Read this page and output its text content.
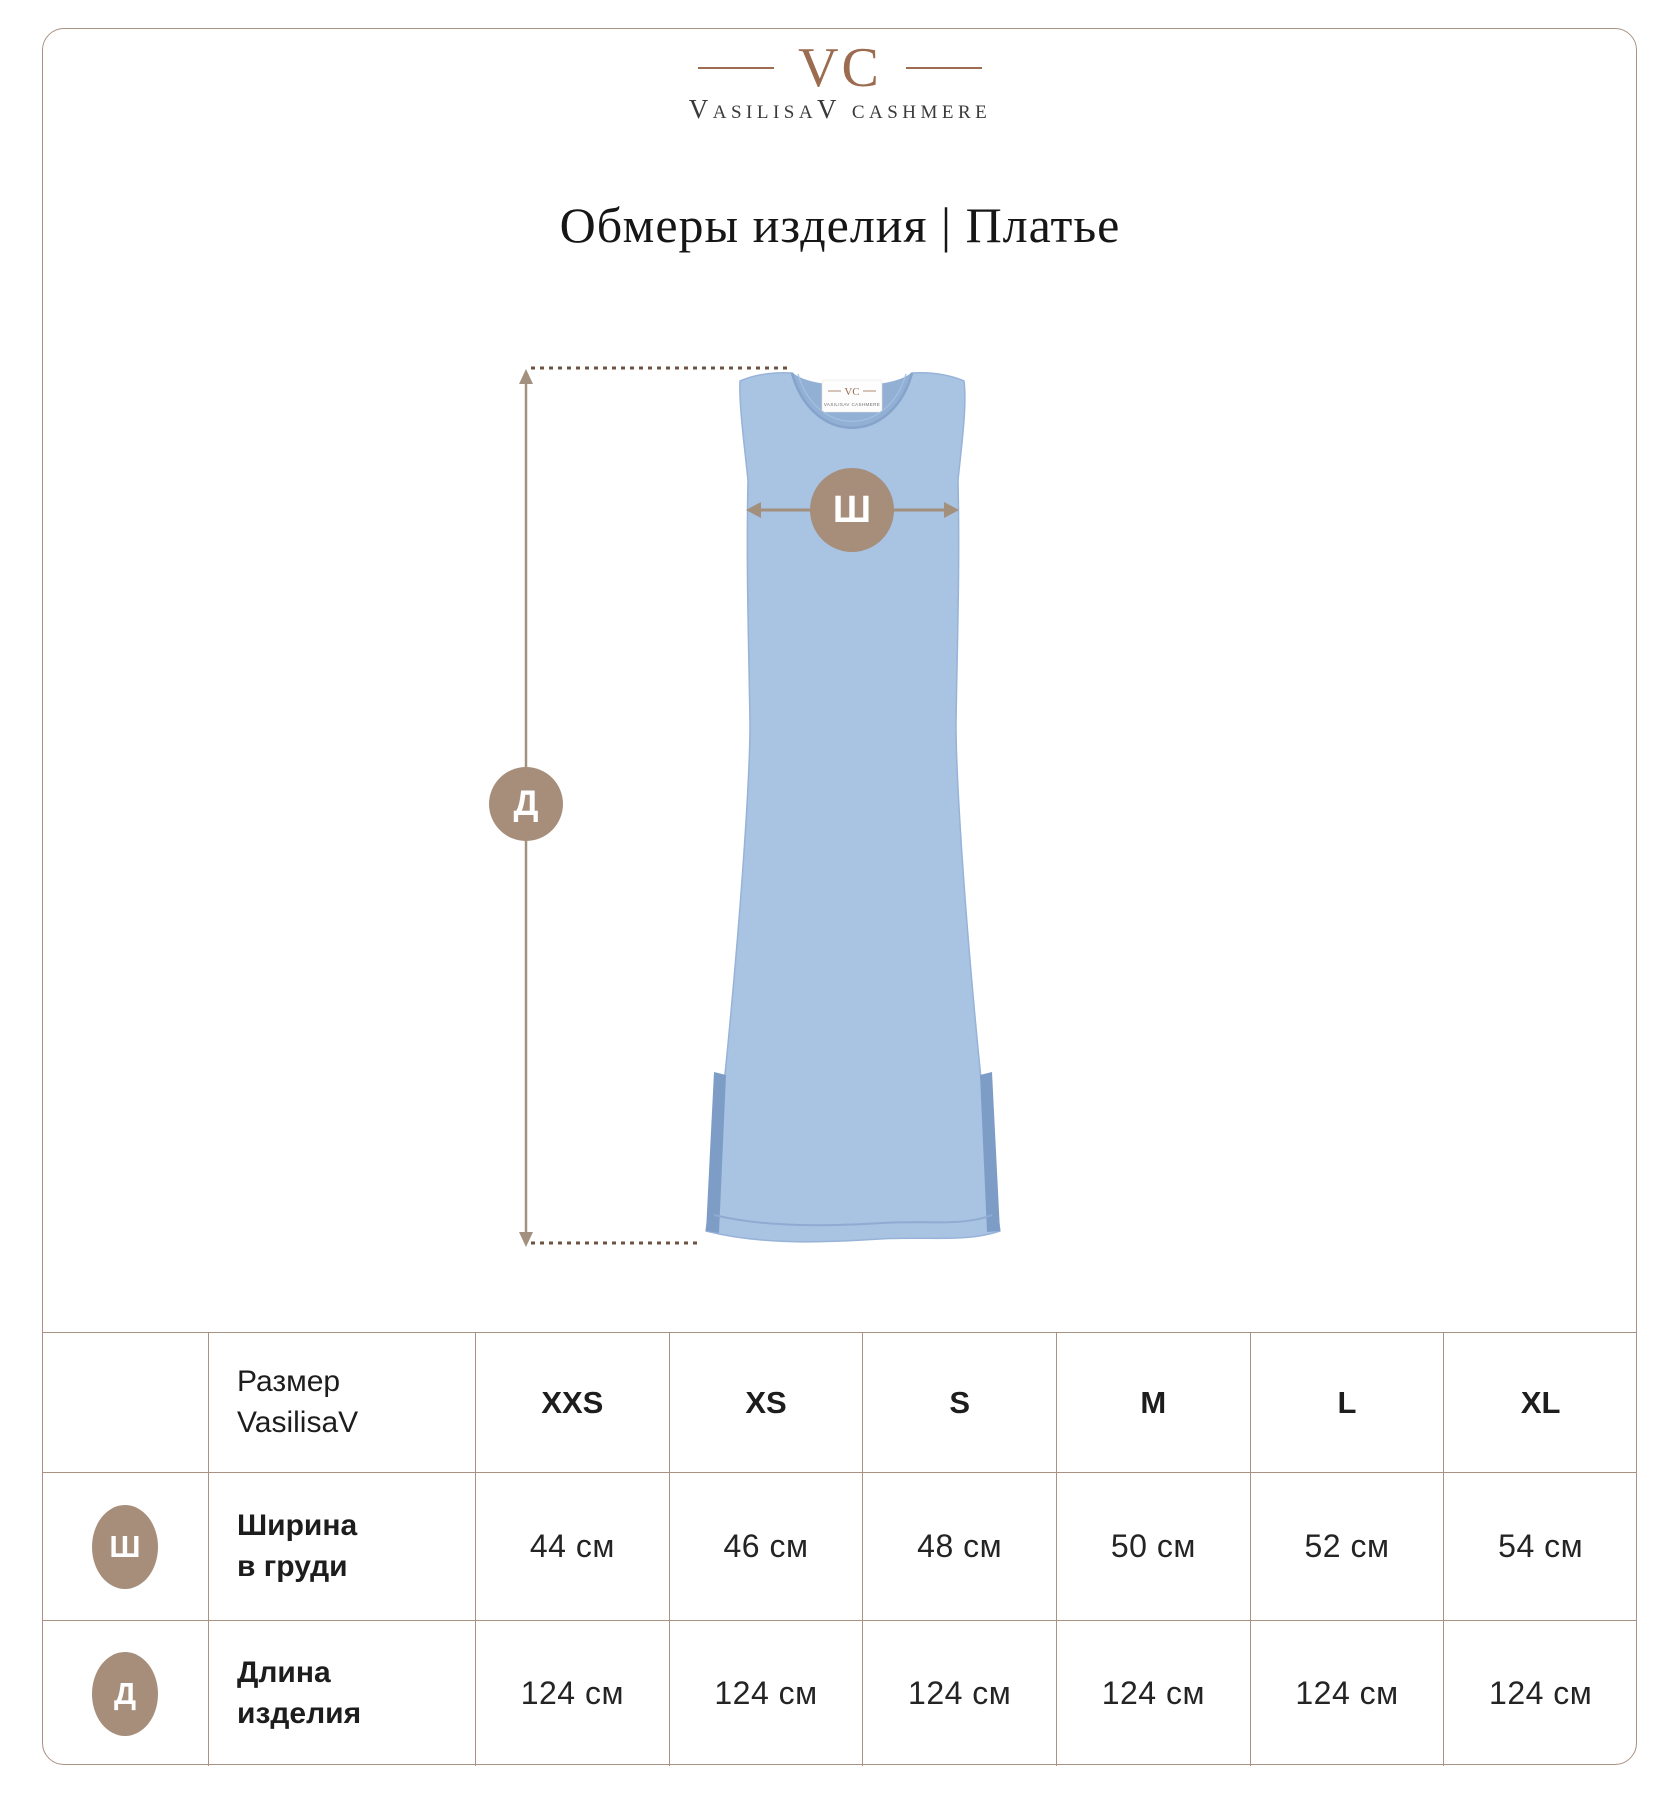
VC
VasilisaV cashmere
Обмеры изделия | Платье
VC
VASILISAV CASHMERE
Ш
Д
Размер
VasilisaV
XXS	XS	S	M	L	XL
Ш
Ширина
в груди
44 см	46 см	48 см	50 см	52 см	54 см
Д
Длина
изделия
124 см	124 см	124 см	124 см	124 см	124 см
